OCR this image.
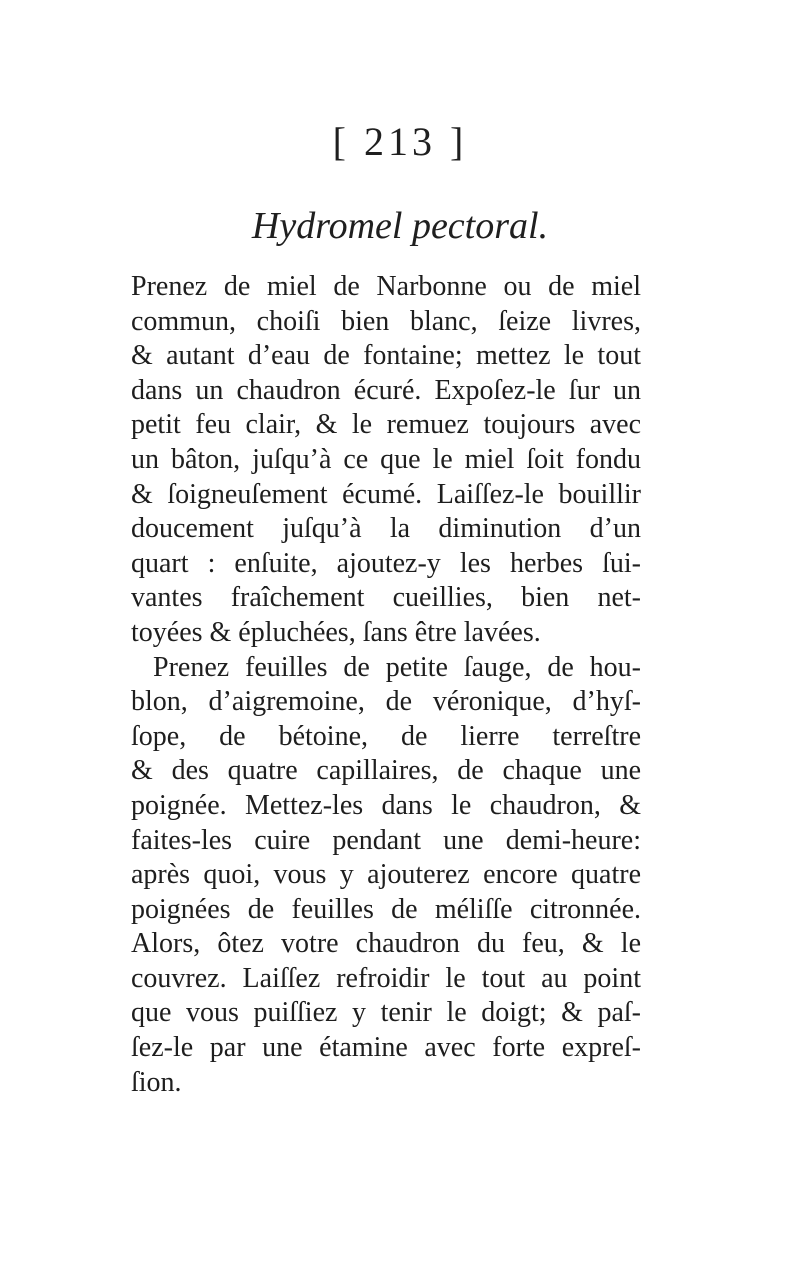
[ 213 ]
Hydromel pectoral.
Prenez de miel de Narbonne ou de miel
commun, choiſi bien blanc, ſeize livres,
& autant d’eau de fontaine; mettez le tout
dans un chaudron écuré. Expoſez-le ſur un
petit feu clair, & le remuez toujours avec
un bâton, juſqu’à ce que le miel ſoit fondu
& ſoigneuſement écumé. Laiſſez-le bouillir
doucement juſqu’à la diminution d’un
quart : enſuite, ajoutez-y les herbes ſui-
vantes fraîchement cueillies, bien net-
toyées & épluchées, ſans être lavées.
Prenez feuilles de petite ſauge, de hou-
blon, d’aigremoine, de véronique, d’hyſ-
ſope, de bétoine, de lierre terreſtre
& des quatre capillaires, de chaque une
poignée. Mettez-les dans le chaudron, &
faites-les cuire pendant une demi-heure:
après quoi, vous y ajouterez encore quatre
poignées de feuilles de méliſſe citronnée.
Alors, ôtez votre chaudron du feu, & le
couvrez. Laiſſez refroidir le tout au point
que vous puiſſiez y tenir le doigt; & paſ-
ſez-le par une étamine avec forte expreſ-
ſion.
